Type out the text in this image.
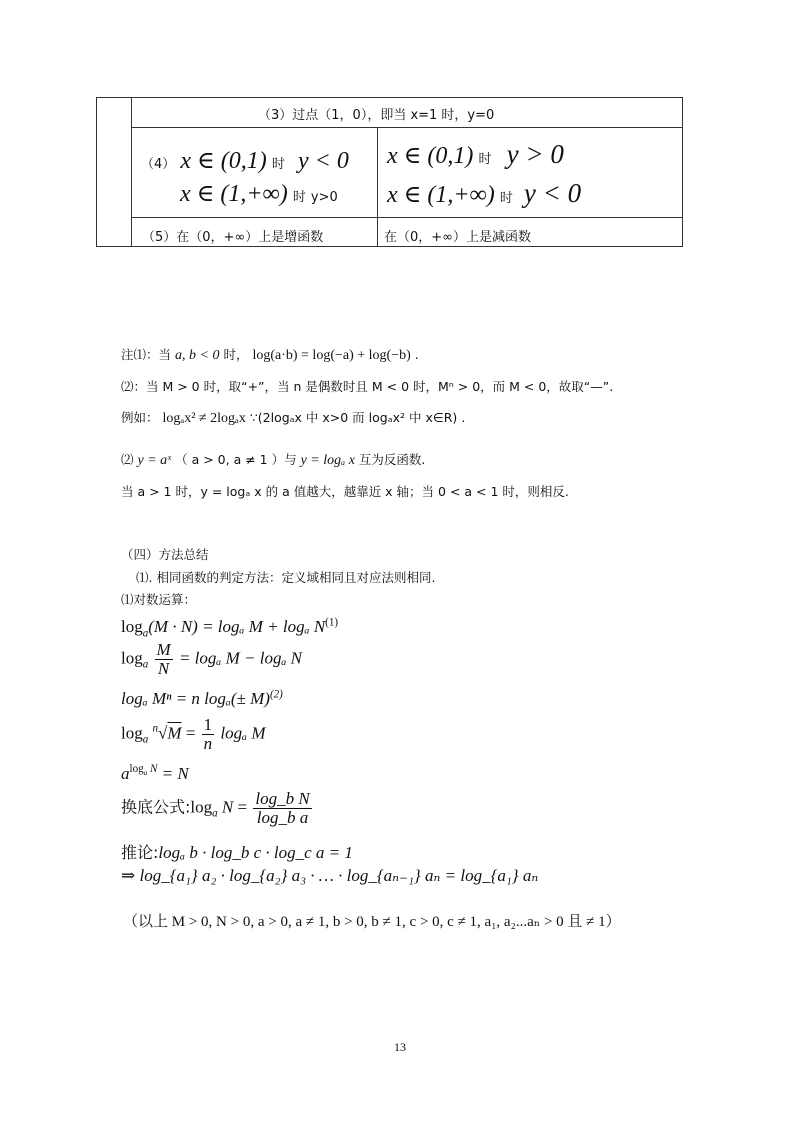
（3）过点（1，0），即当 x=1 时，y=0
（4） x ∈ (0,1) 时 y < 0
x ∈ (1,+∞) 时 y>0
x ∈ (0,1) 时 y > 0
x ∈ (1,+∞) 时 y < 0
（5）在（0，+∞）上是增函数	在（0，+∞）上是减函数
注⑴：当 a, b < 0 时， log(a·b) = log(−a) + log(−b) .
⑵：当 M > 0 时，取“+”，当 n 是偶数时且 M < 0 时，Mⁿ > 0，而 M < 0，故取“—”.
例如： logₐx² ≠ 2logₐx ∵(2logₐx 中 x>0 而 logₐx² 中 x∈R) .
⑵ y = aˣ （ a > 0, a ≠ 1 ）与 y = logₐ x 互为反函数.
当 a > 1 时，y = logₐ x 的 a 值越大，越靠近 x 轴；当 0 < a < 1 时，则相反.
（四）方法总结
⑴. 相同函数的判定方法：定义域相同且对应法则相同.
⑴对数运算：
$\log_a(M \cdot N) = \log_a$ M + logₐ $N^{(1)}$
$\log_a \frac{M}{N} = \log_a$ M − logₐ N
logₐ Mⁿ = n $\log_a(\pm M)^{(2)}$
$\log_a ^n√M = \frac{1}{n}$ logₐ M
$a^{log_a N} = N$
换底公式$:\log_a$ $N = \frac{\text{log\_b N}}{\text{log\_b a}}$
推论:logₐ b · log_b c · log_c a = 1
⇒ log_{a₁} a₂ · log_{a₂} a₃ · … · log_{aₙ₋₁} aₙ = log_{a₁} aₙ
（以上 M > 0, N > 0, a > 0, a ≠ 1, b > 0, b ≠ 1, c > 0, c ≠ 1, a₁, a₂...aₙ > 0 且 ≠ 1）
13
